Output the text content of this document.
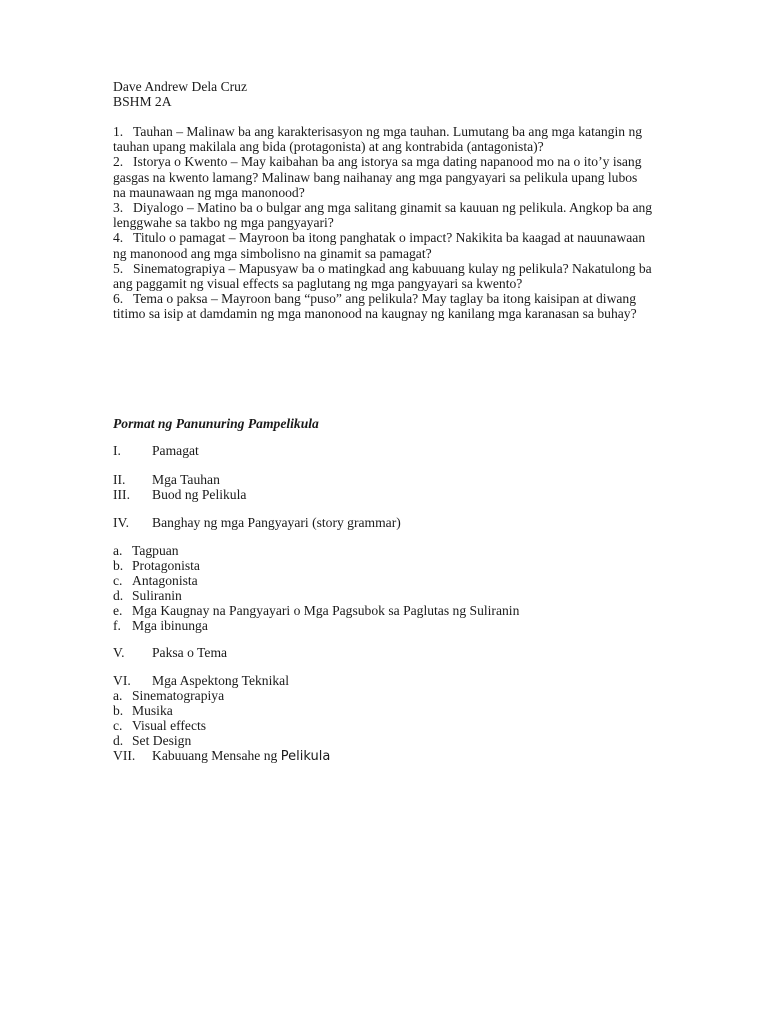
Dave Andrew Dela Cruz
BSHM 2A

1. Tauhan – Malinaw ba ang karakterisasyon ng mga tauhan. Lumutang ba ang mga katangin ng tauhan upang makilala ang bida (protagonista) at ang kontrabida (antagonista)?

2. Istorya o Kwento – May kaibahan ba ang istorya sa mga dating napanood mo na o ito’y isang gasgas na kwento lamang? Malinaw bang naihanay ang mga pangyayari sa pelikula upang lubos na maunawaan ng mga manonood?

3. Diyalogo – Matino ba o bulgar ang mga salitang ginamit sa kauuan ng pelikula. Angkop ba ang lenggwahe sa takbo ng mga pangyayari?

4. Titulo o pamagat – Mayroon ba itong panghatak o impact? Nakikita ba kaagad at nauunawaan ng manonood ang mga simbolisno na ginamit sa pamagat?

5. Sinematograpiya – Mapusyaw ba o matingkad ang kabuuang kulay ng pelikula? Nakatulong ba ang paggamit ng visual effects sa paglutang ng mga pangyayari sa kwento?

6. Tema o paksa – Mayroon bang “puso” ang pelikula? May taglay ba itong kaisipan at diwang titimo sa isip at damdamin ng mga manonood na kaugnay ng kanilang mga karanasan sa buhay?

Pormat ng Panunuring Pampelikula
I. Pamagat
II. Mga Tauhan
III. Buod ng Pelikula
IV. Banghay ng mga Pangyayari (story grammar)
a. Tagpuan
b. Protagonista
c. Antagonista
d. Suliranin
e. Mga Kaugnay na Pangyayari o Mga Pagsubok sa Paglutas ng Suliranin
f. Mga ibinunga
V. Paksa o Tema
VI. Mga Aspektong Teknikal
a. Sinematograpiya
b. Musika
c. Visual effects
d. Set Design
VII. Kabuuang Mensahe ng Pelikula
